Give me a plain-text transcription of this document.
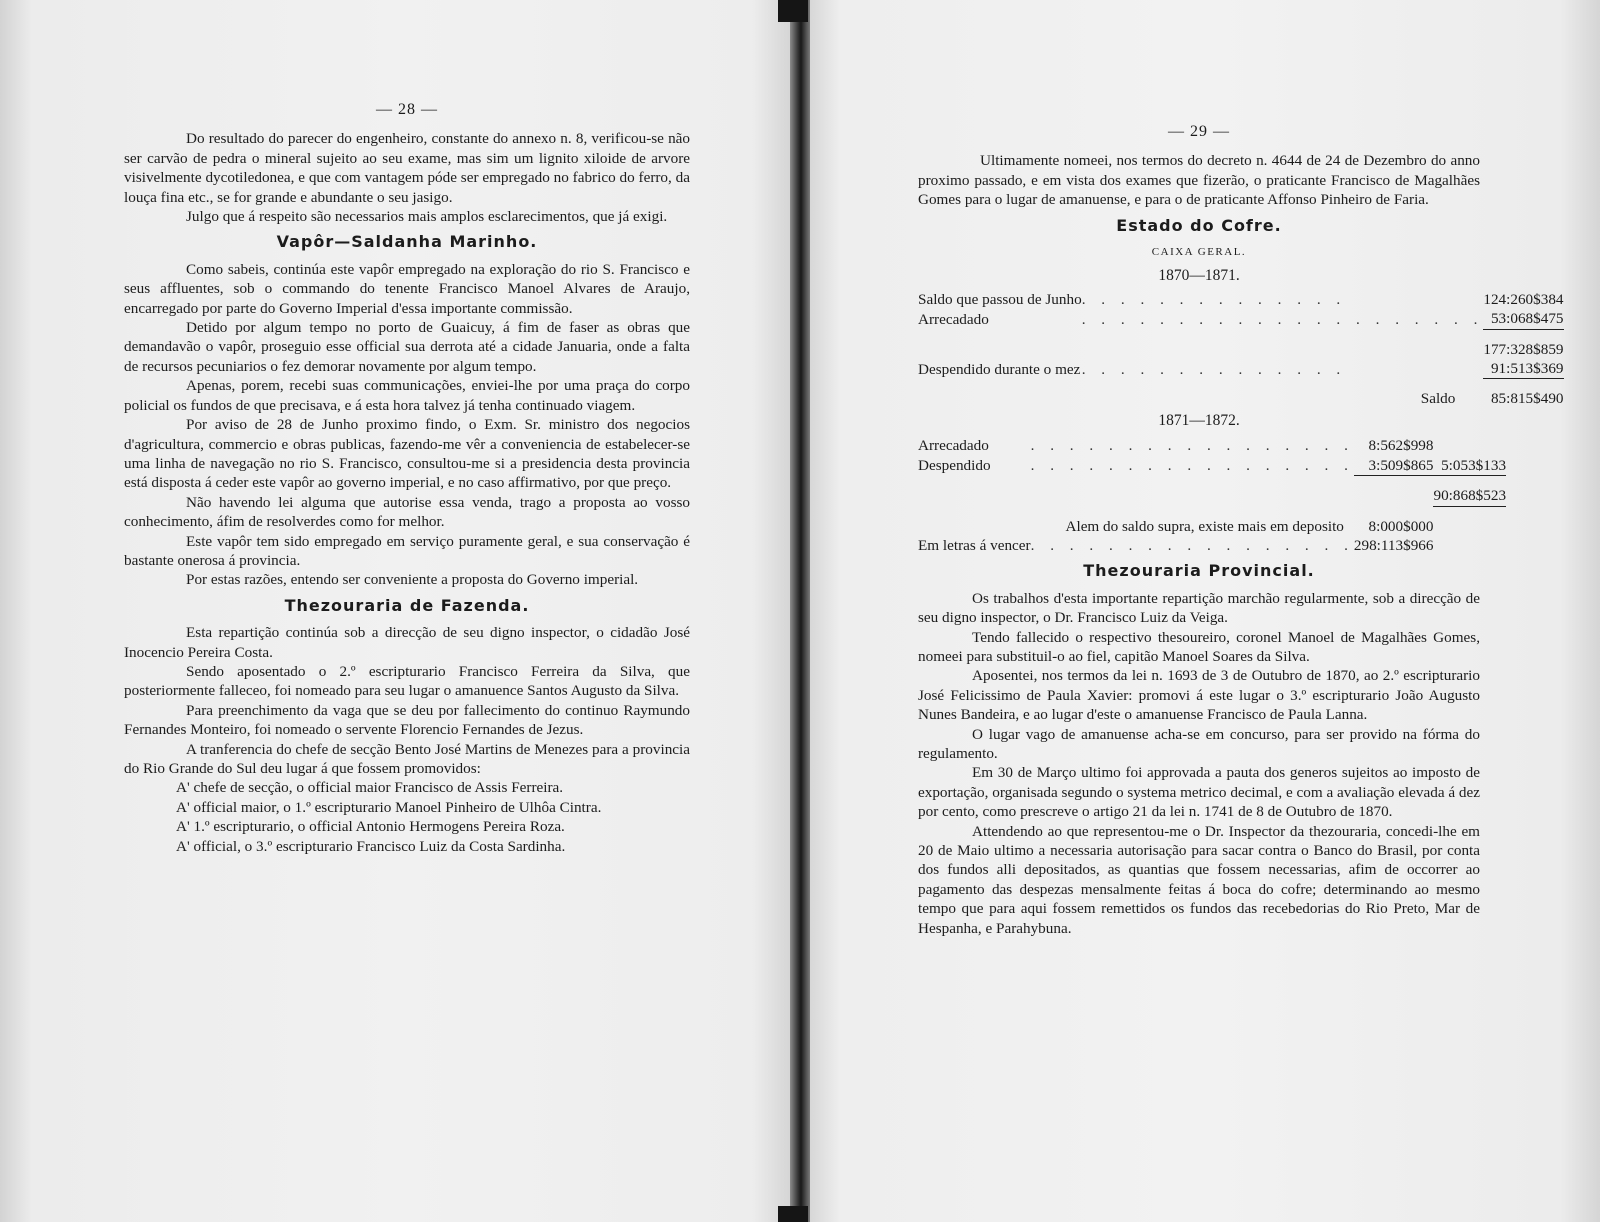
— 28 —

Do resultado do parecer do engenheiro, constante do annexo n. 8, verificou-se não ser carvão de pedra o mineral sujeito ao seu exame, mas sim um lignito xiloide de arvore visivelmente dycotiledonea, e que com vantagem póde ser empregado no fabrico do ferro, da louça fina etc., se for grande e abundante o seu jasigo.

Julgo que á respeito são necessarios mais amplos esclarecimentos, que já exigi.

Vapôr—Saldanha Marinho.

Como sabeis, continúa este vapôr empregado na exploração do rio S. Francisco e seus affluentes, sob o commando do tenente Francisco Manoel Alvares de Araujo, encarregado por parte do Governo Imperial d'essa importante commissão.

Detido por algum tempo no porto de Guaicuy, á fim de faser as obras que demandavão o vapôr, proseguio esse official sua derrota até a cidade Januaria, onde a falta de recursos pecuniarios o fez demorar novamente por algum tempo.

Apenas, porem, recebi suas communicações, enviei-lhe por uma praça do corpo policial os fundos de que precisava, e á esta hora talvez já tenha continuado viagem.

Por aviso de 28 de Junho proximo findo, o Exm. Sr. ministro dos negocios d'agricultura, commercio e obras publicas, fazendo-me vêr a conveniencia de estabelecer-se uma linha de navegação no rio S. Francisco, consultou-me si a presidencia desta provincia está disposta á ceder este vapôr ao governo imperial, e no caso affirmativo, por que preço.

Não havendo lei alguma que autorise essa venda, trago a proposta ao vosso conhecimento, áfim de resolverdes como for melhor.

Este vapôr tem sido empregado em serviço puramente geral, e sua conservação é bastante onerosa á provincia.

Por estas razões, entendo ser conveniente a proposta do Governo imperial.

Thezouraria de Fazenda.

Esta repartição continúa sob a direcção de seu digno inspector, o cidadão José Inocencio Pereira Costa.

Sendo aposentado o 2.º escripturario Francisco Ferreira da Silva, que posteriormente falleceo, foi nomeado para seu lugar o amanuence Santos Augusto da Silva.

Para preenchimento da vaga que se deu por fallecimento do continuo Raymundo Fernandes Monteiro, foi nomeado o servente Florencio Fernandes de Jezus.

A tranferencia do chefe de secção Bento José Martins de Menezes para a provincia do Rio Grande do Sul deu lugar á que fossem promovidos:

A' chefe de secção, o official maior Francisco de Assis Ferreira.

A' official maior, o 1.º escripturario Manoel Pinheiro de Ulhôa Cintra.

A' 1.º escripturario, o official Antonio Hermogens Pereira Roza.

A' official, o 3.º escripturario Francisco Luiz da Costa Sardinha.

— 29 —

Ultimamente nomeei, nos termos do decreto n. 4644 de 24 de Dezembro do anno proximo passado, e em vista dos exames que fizerão, o praticante Francisco de Magalhães Gomes para o lugar de amanuense, e para o de praticante Affonso Pinheiro de Faria.

Estado do Cofre.
CAIXA GERAL.
1870—1871.
Saldo que passou de Junho	. . . . . . . . . . . . . .	124:260$384
Arrecadado	. . . . . . . . . . . . . . . . . . . . .	53:068$475

		177:328$859
Despendido durante o mez	. . . . . . . . . . . . . .	91:513$369

	Saldo	85:815$490
1871—1872.
Arrecadado	. . . . . . . . . . . . . . . . .	8:562$998	
Despendido	. . . . . . . . . . . . . . . . .	3:509$865	5:053$133

			90:868$523

Alem do saldo supra, existe mais em deposito		8:000$000	
Em letras á vencer	. . . . . . . . . . . . . . . . .	298:113$966	
Thezouraria Provincial.

Os trabalhos d'esta importante repartição marchão regularmente, sob a direcção de seu digno inspector, o Dr. Francisco Luiz da Veiga.

Tendo fallecido o respectivo thesoureiro, coronel Manoel de Magalhães Gomes, nomeei para substituil-o ao fiel, capitão Manoel Soares da Silva.

Aposentei, nos termos da lei n. 1693 de 3 de Outubro de 1870, ao 2.º escripturario José Felicissimo de Paula Xavier: promovi á este lugar o 3.º escripturario João Augusto Nunes Bandeira, e ao lugar d'este o amanuense Francisco de Paula Lanna.

O lugar vago de amanuense acha-se em concurso, para ser provido na fórma do regulamento.

Em 30 de Março ultimo foi approvada a pauta dos generos sujeitos ao imposto de exportação, organisada segundo o systema metrico decimal, e com a avaliação elevada á dez por cento, como prescreve o artigo 21 da lei n. 1741 de 8 de Outubro de 1870.

Attendendo ao que representou-me o Dr. Inspector da thezouraria, concedi-lhe em 20 de Maio ultimo a necessaria autorisação para sacar contra o Banco do Brasil, por conta dos fundos alli depositados, as quantias que fossem necessarias, afim de occorrer ao pagamento das despezas mensalmente feitas á boca do cofre; determinando ao mesmo tempo que para aqui fossem remettidos os fundos das recebedorias do Rio Preto, Mar de Hespanha, e Parahybuna.
